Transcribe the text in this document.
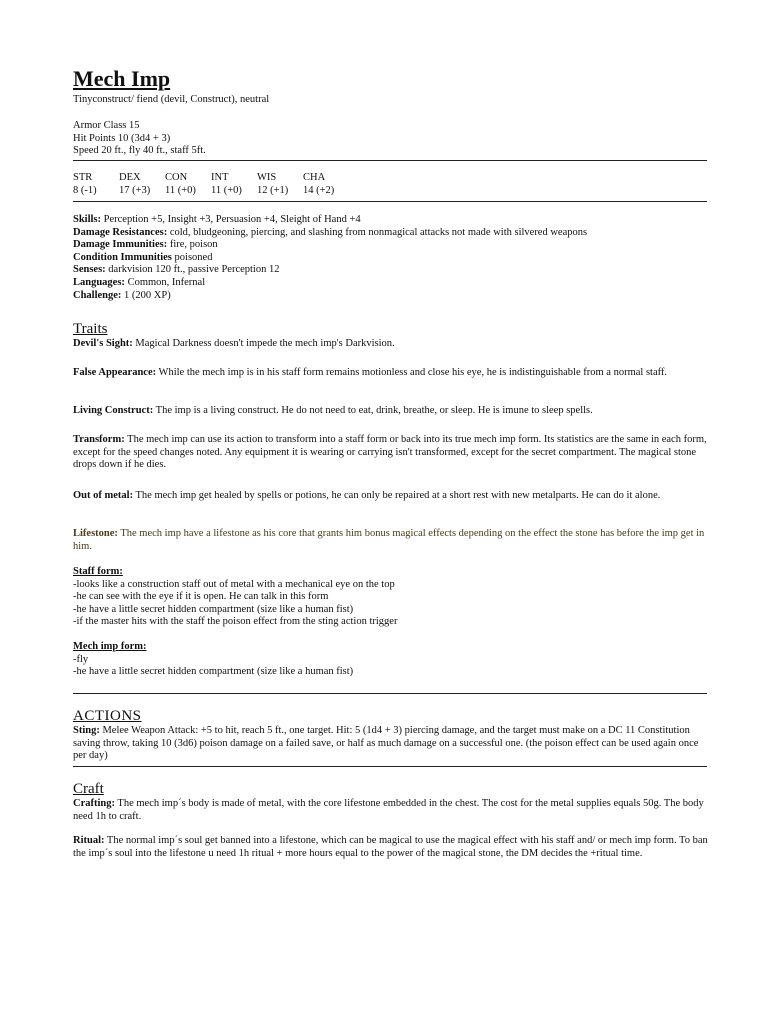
Mech Imp
Tinyconstruct/ fiend (devil, Construct), neutral
Armor Class 15
Hit Points 10 (3d4 + 3)
Speed 20 ft., fly 40 ft., staff 5ft.
STR	DEX	CON	INT	WIS	CHA
8 (-1)	17 (+3)	11 (+0)	11 (+0)	12 (+1)	14 (+2)

Skills: Perception +5, Insight +3, Persuasion +4, Sleight of Hand +4

Damage Resistances: cold, bludgeoning, piercing, and slashing from nonmagical attacks not made with silvered weapons

Damage Immunities: fire, poison

Condition Immunities poisoned

Senses: darkvision 120 ft., passive Perception 12

Languages: Common, Infernal

Challenge: 1 (200 XP)

Traits

Devil's Sight: Magical Darkness doesn't impede the mech imp's Darkvision.

False Appearance: While the mech imp is in his staff form remains motionless and close his eye, he is indistinguishable from a normal staff.

Living Construct: The imp is a living construct. He do not need to eat, drink, breathe, or sleep. He is imune to sleep spells.

Transform: The mech imp can use its action to transform into a staff form or back into its true mech imp form. Its statistics are the same in each form, except for the speed changes noted. Any equipment it is wearing or carrying isn't transformed, except for the secret compartment. The magical stone drops down if he dies.

Out of metal: The mech imp get healed by spells or potions, he can only be repaired at a short rest with new metalparts. He can do it alone.

Lifestone: The mech imp have a lifestone as his core that grants him bonus magical effects depending on the effect the stone has before the imp get in him.

Staff form:
-looks like a construction staff out of metal with a mechanical eye on the top
-he can see with the eye if it is open. He can talk in this form
-he have a little secret hidden compartment (size like a human fist)
-if the master hits with the staff the poison effect from the sting action trigger
Mech imp form:
-fly
-he have a little secret hidden compartment (size like a human fist)
ACTIONS

Sting: Melee Weapon Attack: +5 to hit, reach 5 ft., one target. Hit: 5 (1d4 + 3) piercing damage, and the target must make on a DC 11 Constitution saving throw, taking 10 (3d6) poison damage on a failed save, or half as much damage on a successful one. (the poison effect can be used again once per day)

Craft

Crafting: The mech imp´s body is made of metal, with the core lifestone embedded in the chest. The cost for the metal supplies equals 50g. The body need 1h to craft.

Ritual: The normal imp´s soul get banned into a lifestone, which can be magical to use the magical effect with his staff and/ or mech imp form. To ban the imp´s soul into the lifestone u need 1h ritual + more hours equal to the power of the magical stone, the DM decides the +ritual time.
